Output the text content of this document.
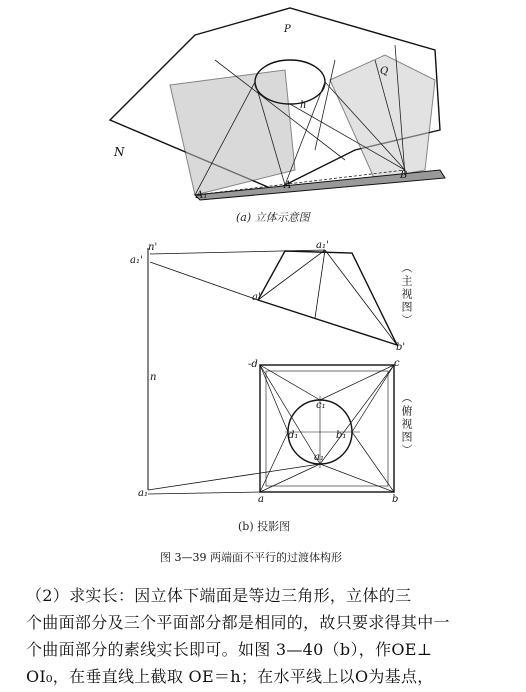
P
Q
N
A₁
A
B
h
(a) 立体示意图
n'
a₁'
a₁'
a'
b'
n
-d	c
c₁
d₁	b₁
a₁
a₁
a	b
（主视图）
（俯视图）
(b) 投影图
图 3—39 两端面不平行的过渡体构形

（2）求实长：因立体下端面是等边三角形，立体的三

个曲面部分及三个平面部分都是相同的，故只要求得其中一

个曲面部分的素线实长即可。如图 3—40（b），作OE⊥

OI₀，在垂直线上截取 OE＝h；在水平线上以O为基点，
